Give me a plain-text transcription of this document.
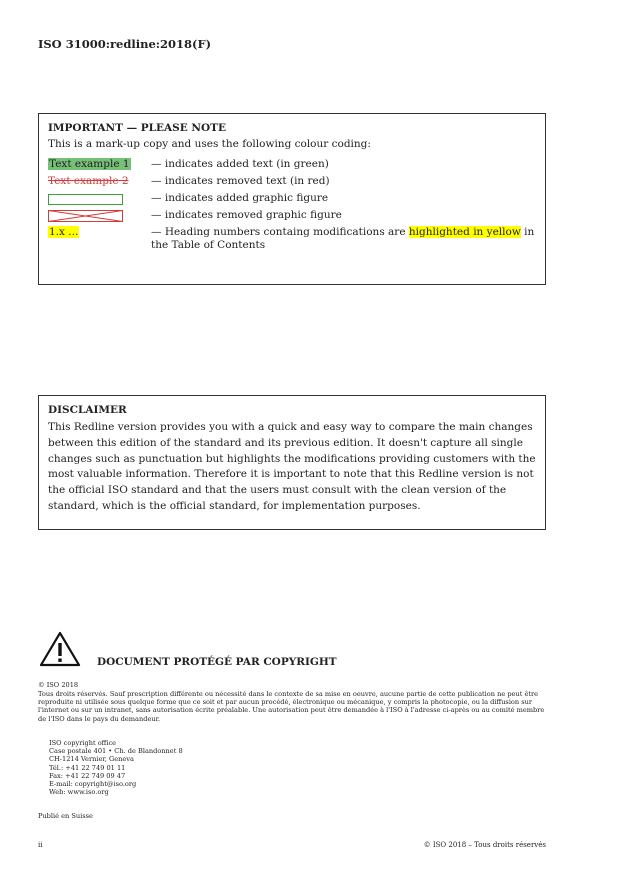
ISO 31000:redline:2018(F)
IMPORTANT — PLEASE NOTE
This is a mark-up copy and uses the following colour coding:
Text example 1	— indicates added text (in green)
Text example 2	— indicates removed text (in red)
— indicates added graphic figure
— indicates removed graphic figure
1.x ...	— Heading numbers containg modifications are highlighted in yellow in the Table of Contents
DISCLAIMER
This Redline version provides you with a quick and easy way to compare the main changes between this edition of the standard and its previous edition. It doesn't capture all single changes such as punctuation but highlights the modifications providing customers with the most valuable information. Therefore it is important to note that this Redline version is not the official ISO standard and that the users must consult with the clean version of the standard, which is the official standard, for implementation purposes.
DOCUMENT PROTÉGÉ PAR COPYRIGHT
© ISO 2018
Tous droits réservés. Sauf prescription différente ou nécessité dans le contexte de sa mise en oeuvre, aucune partie de cette publication ne peut être reproduite ni utilisée sous quelque forme que ce soit et par aucun procédé, électronique ou mécanique, y compris la photocopie, ou la diffusion sur l'internet ou sur un intranet, sans autorisation écrite préalable. Une autorisation peut être demandée à l'ISO à l'adresse ci-après ou au comité membre de l'ISO dans le pays du demandeur.
ISO copyright office
Case postale 401 • Ch. de Blandonnet 8
CH-1214 Vernier, Geneva
Tél.: +41 22 749 01 11
Fax: +41 22 749 09 47
E-mail: copyright@iso.org
Web: www.iso.org
Publié en Suisse
ii	© ISO 2018 – Tous droits réservés
